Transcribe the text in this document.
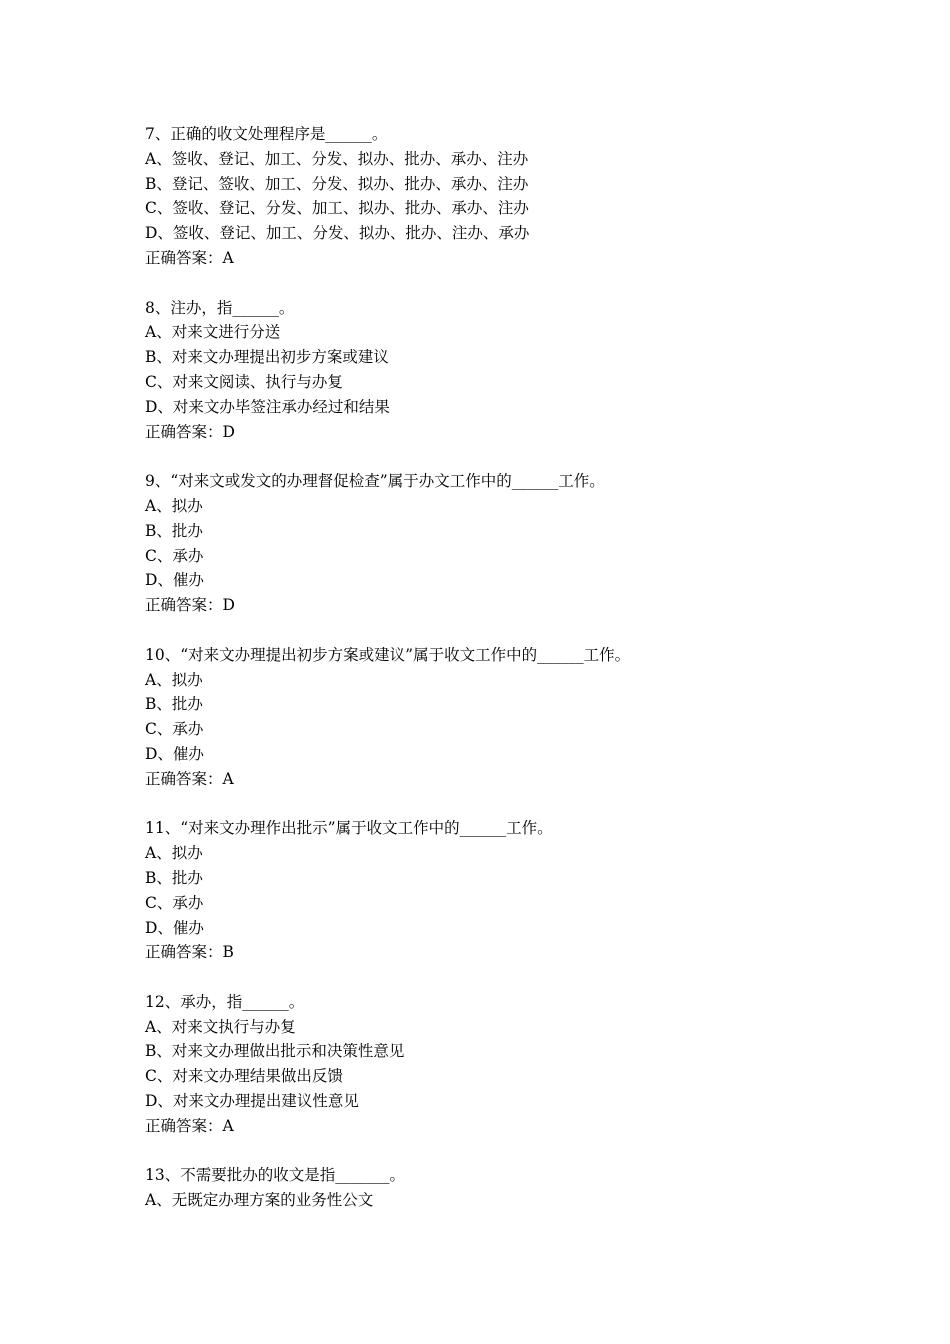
7、正确的收文处理程序是______。
A、签收、登记、加工、分发、拟办、批办、承办、注办
B、登记、签收、加工、分发、拟办、批办、承办、注办
C、签收、登记、分发、加工、拟办、批办、承办、注办
D、签收、登记、加工、分发、拟办、批办、注办、承办
正确答案：A
8、注办，指______。
A、对来文进行分送
B、对来文办理提出初步方案或建议
C、对来文阅读、执行与办复
D、对来文办毕签注承办经过和结果
正确答案：D
9、“对来文或发文的办理督促检查”属于办文工作中的______工作。
A、拟办
B、批办
C、承办
D、催办
正确答案：D
10、“对来文办理提出初步方案或建议”属于收文工作中的______工作。
A、拟办
B、批办
C、承办
D、催办
正确答案：A
11、“对来文办理作出批示”属于收文工作中的______工作。
A、拟办
B、批办
C、承办
D、催办
正确答案：B
12、承办，指______。
A、对来文执行与办复
B、对来文办理做出批示和决策性意见
C、对来文办理结果做出反馈
D、对来文办理提出建议性意见
正确答案：A
13、不需要批办的收文是指_______。
A、无既定办理方案的业务性公文
